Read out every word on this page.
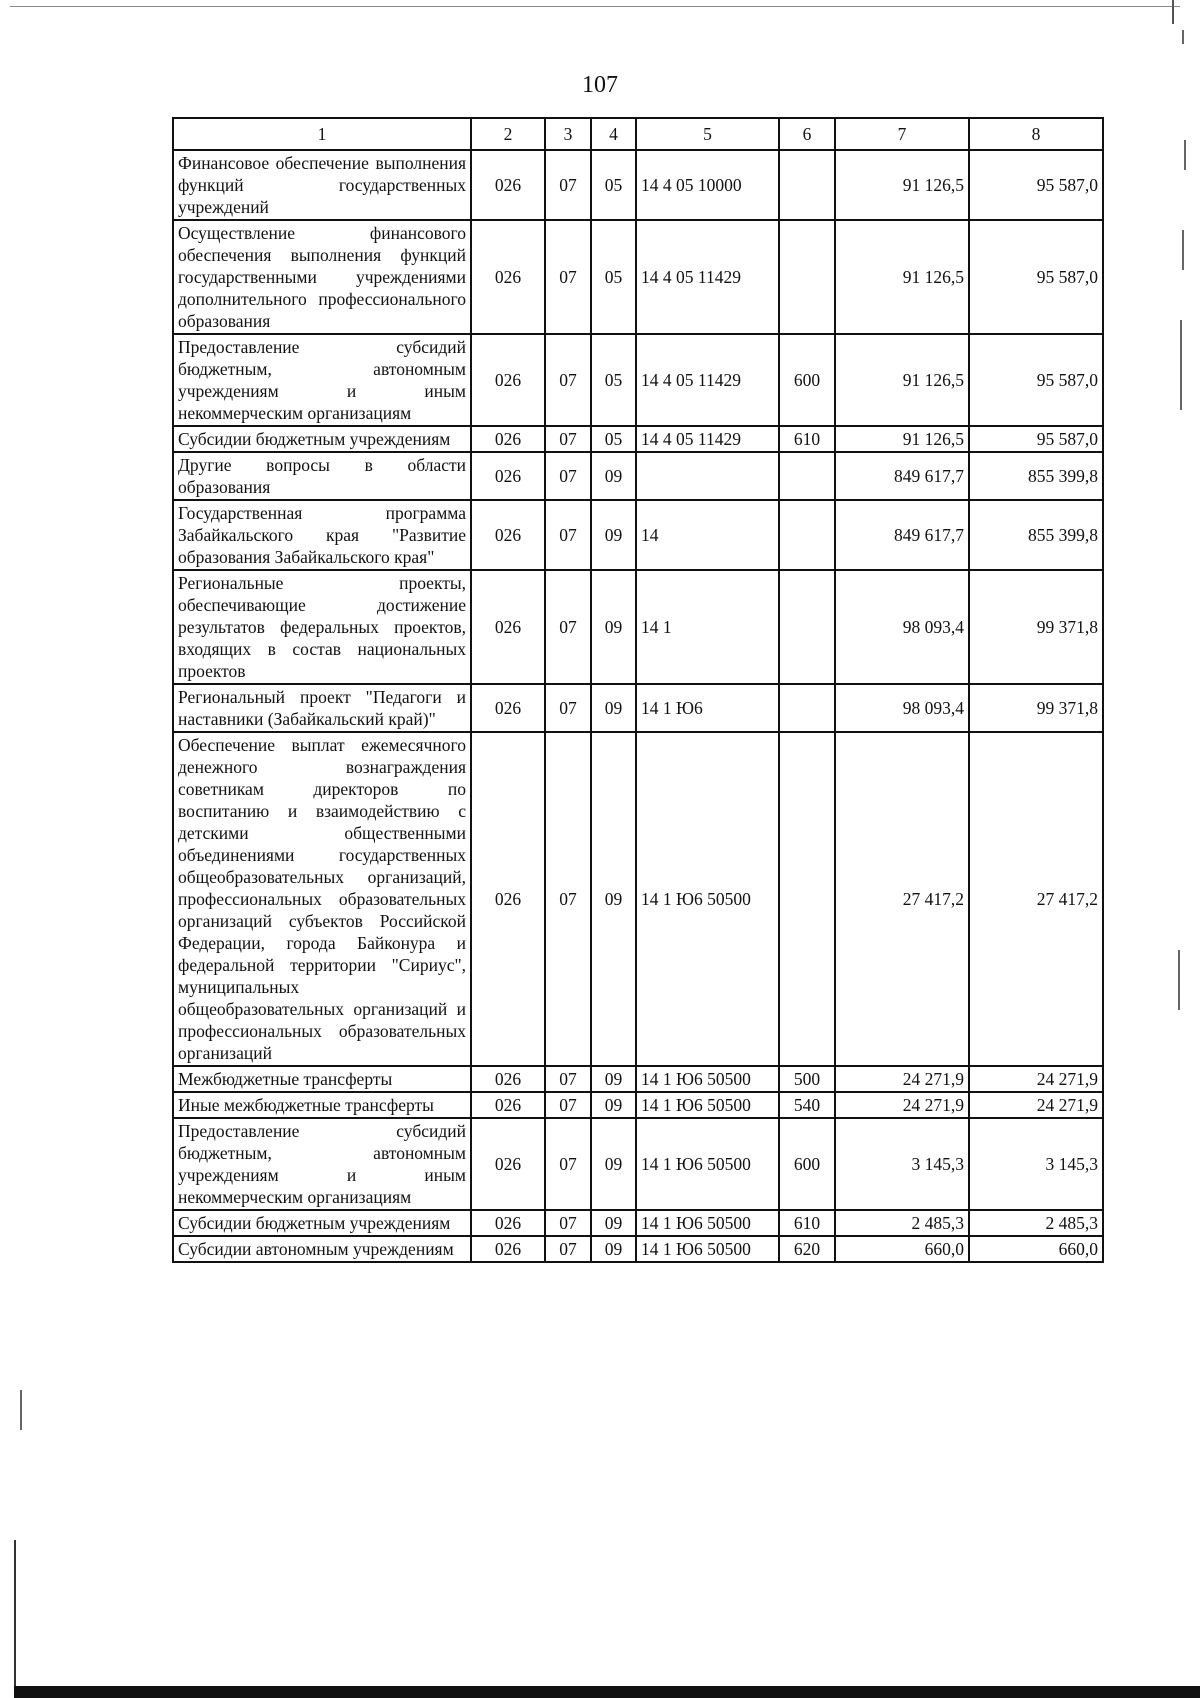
107
1	2	3	4	5	6	7	8
Финансовое обеспечение выполнения функций государственных учреждений	026	07	05	14 4 05 10000		91 126,5	95 587,0
Осуществление финансового обеспечения выполнения функций государственными учреждениями дополнительного профессионального образования	026	07	05	14 4 05 11429		91 126,5	95 587,0
Предоставление субсидий бюджетным, автономным учреждениям и иным некоммерческим организациям	026	07	05	14 4 05 11429	600	91 126,5	95 587,0
Субсидии бюджетным учреждениям	026	07	05	14 4 05 11429	610	91 126,5	95 587,0
Другие вопросы в области образования	026	07	09			849 617,7	855 399,8
Государственная программа Забайкальского края "Развитие образования Забайкальского края"	026	07	09	14		849 617,7	855 399,8
Региональные проекты, обеспечивающие достижение результатов федеральных проектов, входящих в состав национальных проектов	026	07	09	14 1		98 093,4	99 371,8
Региональный проект "Педагоги и наставники (Забайкальский край)"	026	07	09	14 1 Ю6		98 093,4	99 371,8
Обеспечение выплат ежемесячного денежного вознаграждения советникам директоров по воспитанию и взаимодействию с детскими общественными объединениями государственных общеобразовательных организаций, профессиональных образовательных организаций субъектов Российской Федерации, города Байконура и федеральной территории "Сириус", муниципальных общеобразовательных организаций и профессиональных образовательных организаций	026	07	09	14 1 Ю6 50500		27 417,2	27 417,2
Межбюджетные трансферты	026	07	09	14 1 Ю6 50500	500	24 271,9	24 271,9
Иные межбюджетные трансферты	026	07	09	14 1 Ю6 50500	540	24 271,9	24 271,9
Предоставление субсидий бюджетным, автономным учреждениям и иным некоммерческим организациям	026	07	09	14 1 Ю6 50500	600	3 145,3	3 145,3
Субсидии бюджетным учреждениям	026	07	09	14 1 Ю6 50500	610	2 485,3	2 485,3
Субсидии автономным учреждениям	026	07	09	14 1 Ю6 50500	620	660,0	660,0
